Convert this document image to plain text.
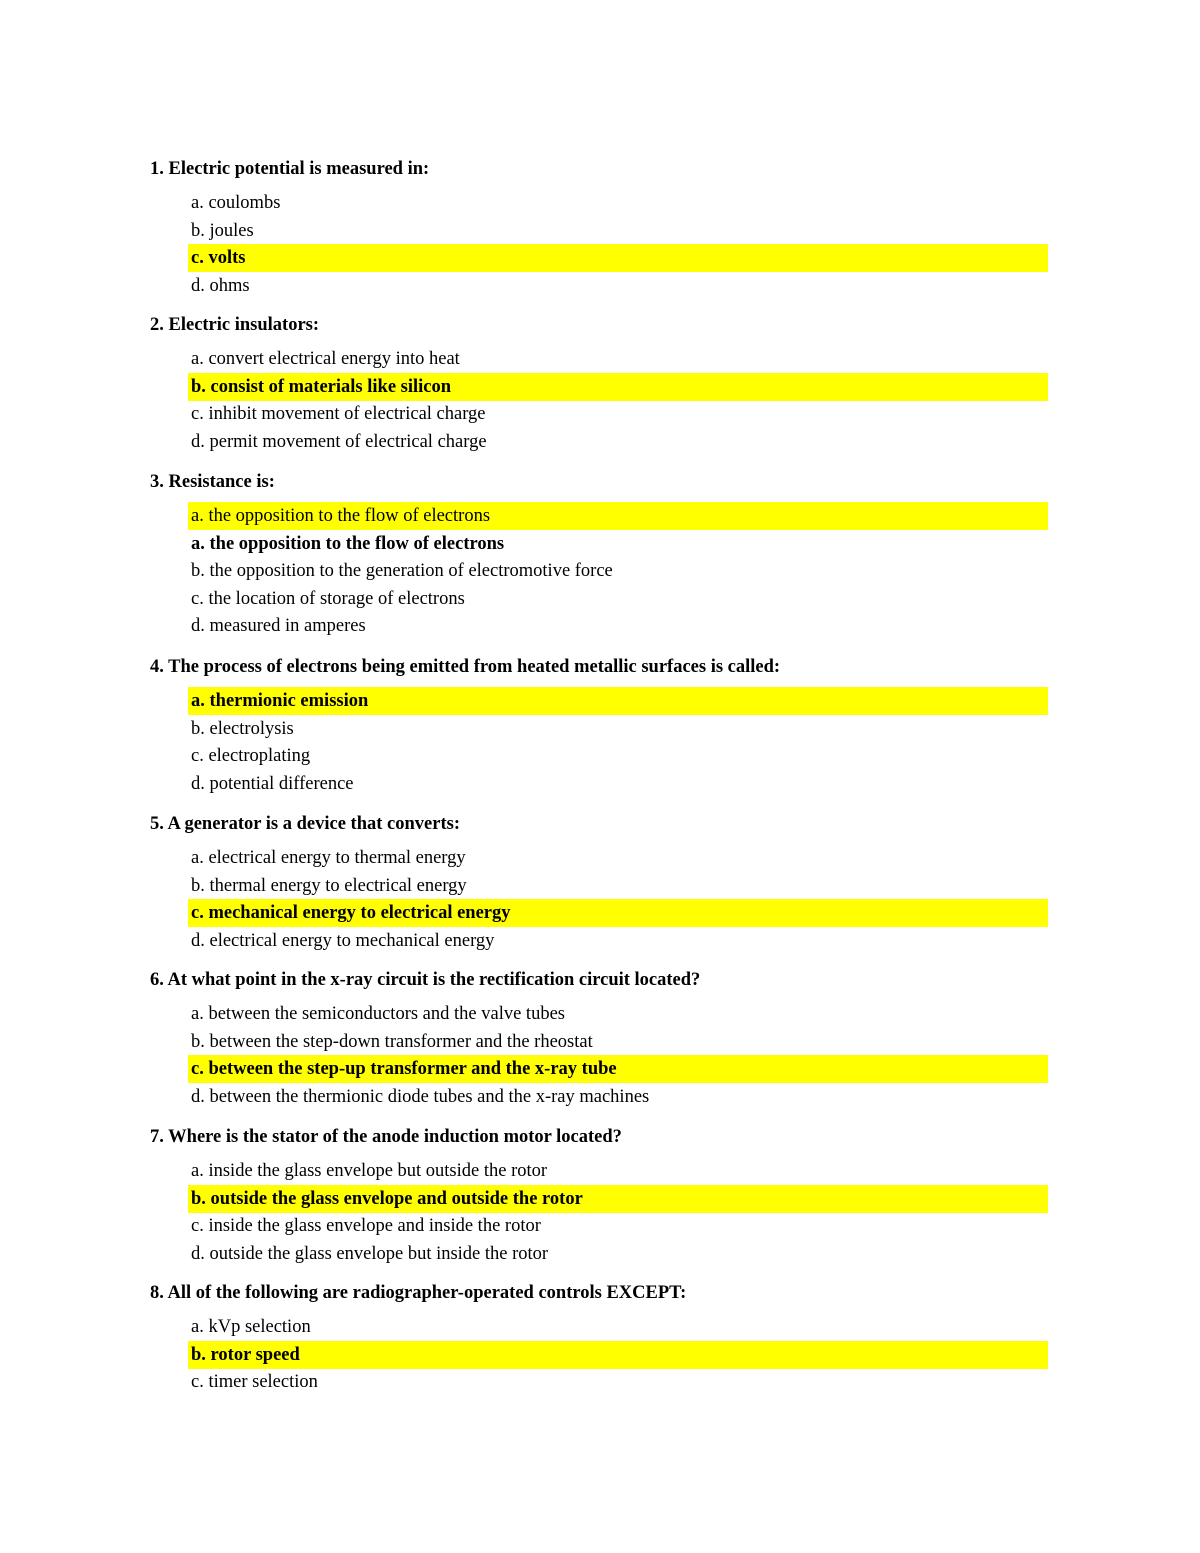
1. Electric potential is measured in:
a. coulombs
b. joules
c. volts
d. ohms
2. Electric insulators:
a. convert electrical energy into heat
b. consist of materials like silicon
c. inhibit movement of electrical charge
d. permit movement of electrical charge
3. Resistance is:
a. the opposition to the flow of electrons
a. the opposition to the flow of electrons
b. the opposition to the generation of electromotive force
c. the location of storage of electrons
d. measured in amperes
4. The process of electrons being emitted from heated metallic surfaces is called:
a. thermionic emission
b. electrolysis
c. electroplating
d. potential difference
5. A generator is a device that converts:
a. electrical energy to thermal energy
b. thermal energy to electrical energy
c. mechanical energy to electrical energy
d. electrical energy to mechanical energy
6. At what point in the x-ray circuit is the rectification circuit located?
a. between the semiconductors and the valve tubes
b. between the step-down transformer and the rheostat
c. between the step-up transformer and the x-ray tube
d. between the thermionic diode tubes and the x-ray machines
7. Where is the stator of the anode induction motor located?
a. inside the glass envelope but outside the rotor
b. outside the glass envelope and outside the rotor
c. inside the glass envelope and inside the rotor
d. outside the glass envelope but inside the rotor
8. All of the following are radiographer-operated controls EXCEPT:
a. kVp selection
b. rotor speed
c. timer selection
